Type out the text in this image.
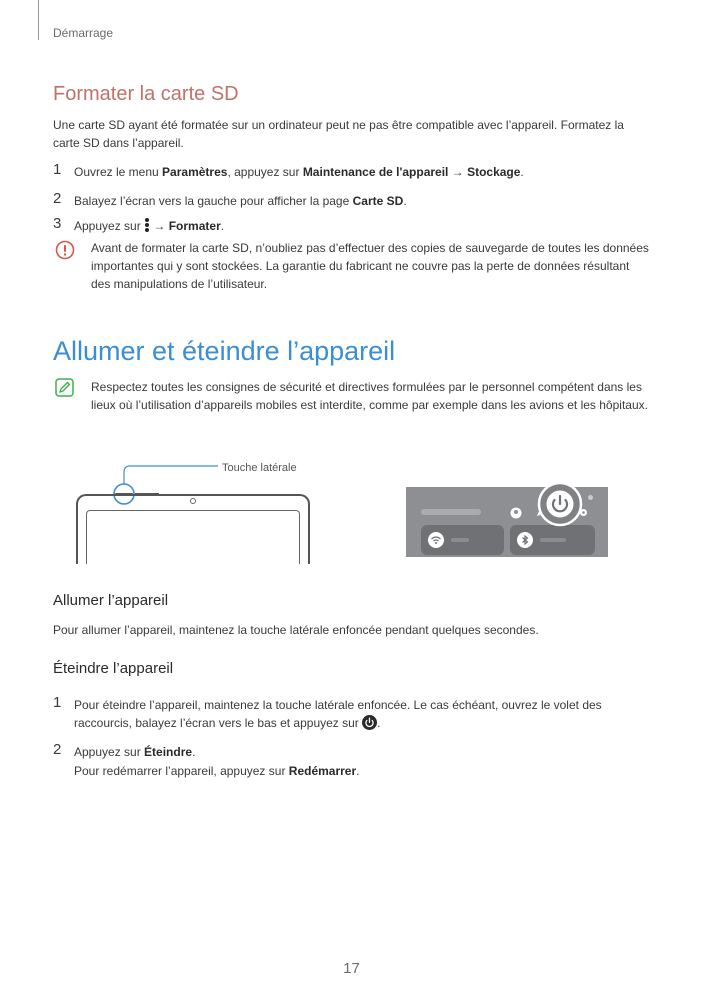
Démarrage
Formater la carte SD

Une carte SD ayant été formatée sur un ordinateur peut ne pas être compatible avec l’appareil. Formatez la carte SD dans l’appareil.

1 Ouvrez le menu Paramètres, appuyez sur Maintenance de l'appareil → Stockage.
2 Balayez l’écran vers la gauche pour afficher la page Carte SD.
3 Appuyez sur
→ Formater.

Avant de formater la carte SD, n’oubliez pas d’effectuer des copies de sauvegarde de toutes les données importantes qui y sont stockées. La garantie du fabricant ne couvre pas la perte de données résultant des manipulations de l’utilisateur.

Allumer et éteindre l’appareil

Respectez toutes les consignes de sécurité et directives formulées par le personnel compétent dans les lieux où l’utilisation d’appareils mobiles est interdite, comme par exemple dans les avions et les hôpitaux.

Touche latérale
Allumer l’appareil

Pour allumer l’appareil, maintenez la touche latérale enfoncée pendant quelques secondes.

Éteindre l’appareil
1 Pour éteindre l’appareil, maintenez la touche latérale enfoncée. Le cas échéant, ouvrez le volet des raccourcis, balayez l’écran vers le bas et appuyez sur .
2 Appuyez sur Éteindre.
Pour redémarrer l’appareil, appuyez sur Redémarrer.
17
